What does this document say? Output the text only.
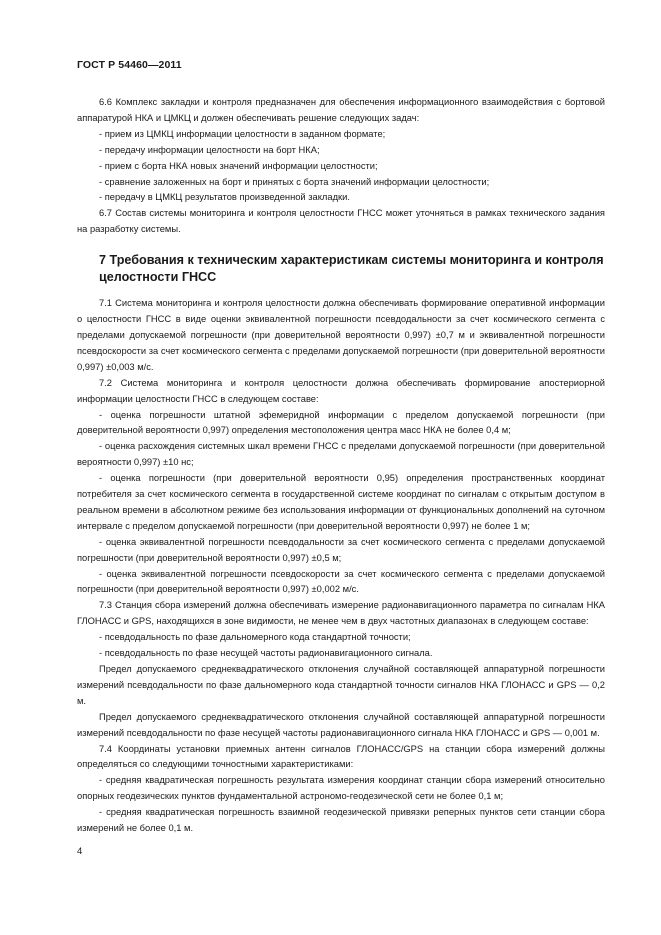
ГОСТ Р 54460—2011

6.6 Комплекс закладки и контроля предназначен для обеспечения информационного взаимодействия с бортовой аппаратурой НКА и ЦМКЦ и должен обеспечивать решение следующих задач:

- прием из ЦМКЦ информации целостности в заданном формате;

- передачу информации целостности на борт НКА;

- прием с борта НКА новых значений информации целостности;

- сравнение заложенных на борт и принятых с борта значений информации целостности;

- передачу в ЦМКЦ результатов произведенной закладки.

6.7 Состав системы мониторинга и контроля целостности ГНСС может уточняться в рамках технического задания на разработку системы.

7 Требования к техническим характеристикам системы мониторинга и контроля целостности ГНСС

7.1 Система мониторинга и контроля целостности должна обеспечивать формирование оперативной информации о целостности ГНСС в виде оценки эквивалентной погрешности псевдодальности за счет космического сегмента с пределами допускаемой погрешности (при доверительной вероятности 0,997) ±0,7 м и эквивалентной погрешности псевдоскорости за счет космического сегмента с пределами допускаемой погрешности (при доверительной вероятности 0,997) ±0,003 м/с.

7.2 Система мониторинга и контроля целостности должна обеспечивать формирование апостериорной информации целостности ГНСС в следующем составе:

- оценка погрешности штатной эфемеридной информации с пределом допускаемой погрешности (при доверительной вероятности 0,997) определения местоположения центра масс НКА не более 0,4 м;

- оценка расхождения системных шкал времени ГНСС с пределами допускаемой погрешности (при доверительной вероятности 0,997) ±10 нс;

- оценка погрешности (при доверительной вероятности 0,95) определения пространственных координат потребителя за счет космического сегмента в государственной системе координат по сигналам с открытым доступом в реальном времени в абсолютном режиме без использования информации от функциональных дополнений на суточном интервале с пределом допускаемой погрешности (при доверительной вероятности 0,997) не более 1 м;

- оценка эквивалентной погрешности псевдодальности за счет космического сегмента с пределами допускаемой погрешности (при доверительной вероятности 0,997) ±0,5 м;

- оценка эквивалентной погрешности псевдоскорости за счет космического сегмента с пределами допускаемой погрешности (при доверительной вероятности 0,997) ±0,002 м/с.

7.3 Станция сбора измерений должна обеспечивать измерение радионавигационного параметра по сигналам НКА ГЛОНАСС и GPS, находящихся в зоне видимости, не менее чем в двух частотных диапазонах в следующем составе:

- псевдодальность по фазе дальномерного кода стандартной точности;

- псевдодальность по фазе несущей частоты радионавигационного сигнала.

Предел допускаемого среднеквадратического отклонения случайной составляющей аппаратурной погрешности измерений псевдодальности по фазе дальномерного кода стандартной точности сигналов НКА ГЛОНАСС и GPS — 0,2 м.

Предел допускаемого среднеквадратического отклонения случайной составляющей аппаратурной погрешности измерений псевдодальности по фазе несущей частоты радионавигационного сигнала НКА ГЛОНАСС и GPS — 0,001 м.

7.4 Координаты установки приемных антенн сигналов ГЛОНАСС/GPS на станции сбора измерений должны определяться со следующими точностными характеристиками:

- средняя квадратическая погрешность результата измерения координат станции сбора измерений относительно опорных геодезических пунктов фундаментальной астрономо-геодезической сети не более 0,1 м;

- средняя квадратическая погрешность взаимной геодезической привязки реперных пунктов сети станции сбора измерений не более 0,1 м.

4
